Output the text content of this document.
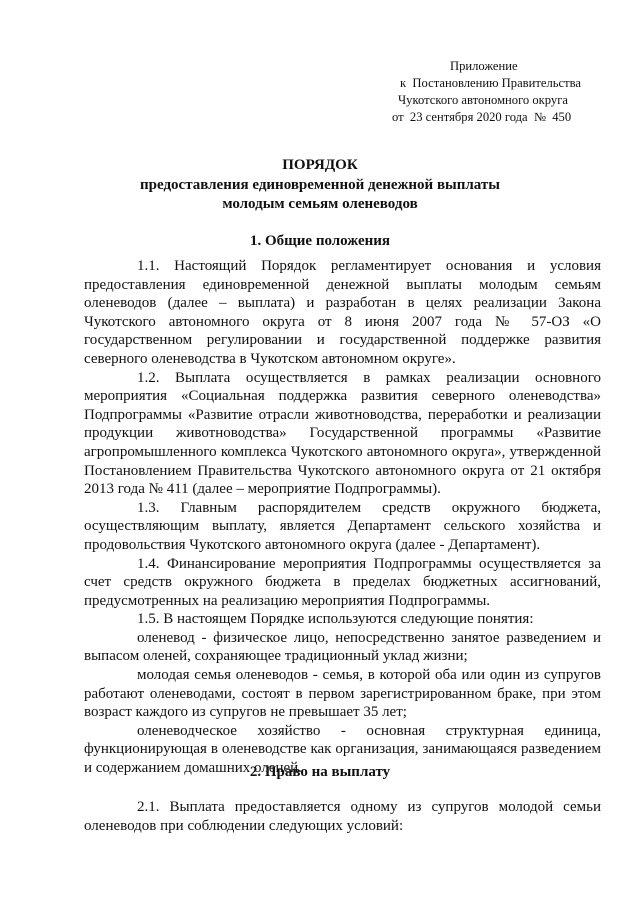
Приложение
к  Постановлению Правительства
Чукотского автономного округа
от  23 сентября 2020 года  №  450
ПОРЯДОК
предоставления единовременной денежной выплаты
молодым семьям оленеводов
1. Общие положения

1.1. Настоящий Порядок регламентирует основания и условия предоставления единовременной денежной выплаты молодым семьям оленеводов (далее – выплата) и разработан в целях реализации Закона Чукотского автономного округа от 8 июня 2007 года № 57-ОЗ «О государственном регулировании и государственной поддержке развития северного оленеводства в Чукотском автономном округе».

1.2. Выплата осуществляется в рамках реализации основного мероприятия «Социальная поддержка развития северного оленеводства» Подпрограммы «Развитие отрасли животноводства, переработки и реализации продукции животноводства» Государственной программы «Развитие агропромышленного комплекса Чукотского автономного округа», утвержденной Постановлением Правительства Чукотского автономного округа от 21 октября 2013 года № 411 (далее – мероприятие Подпрограммы).

1.3. Главным распорядителем средств окружного бюджета, осуществляющим выплату, является Департамент сельского хозяйства и продовольствия Чукотского автономного округа (далее - Департамент).

1.4. Финансирование мероприятия Подпрограммы осуществляется за счет средств окружного бюджета в пределах бюджетных ассигнований, предусмотренных на реализацию мероприятия Подпрограммы.

1.5. В настоящем Порядке используются следующие понятия:

оленевод - физическое лицо, непосредственно занятое разведением и выпасом оленей, сохраняющее традиционный уклад жизни;

молодая семья оленеводов - семья, в которой оба или один из супругов работают оленеводами, состоят в первом зарегистрированном браке, при этом возраст каждого из супругов не превышает 35 лет;

оленеводческое хозяйство - основная структурная единица, функционирующая в оленеводстве как организация, занимающаяся разведением и содержанием домашних оленей.

2. Право на выплату

2.1. Выплата предоставляется одному из супругов молодой семьи оленеводов при соблюдении следующих условий:
